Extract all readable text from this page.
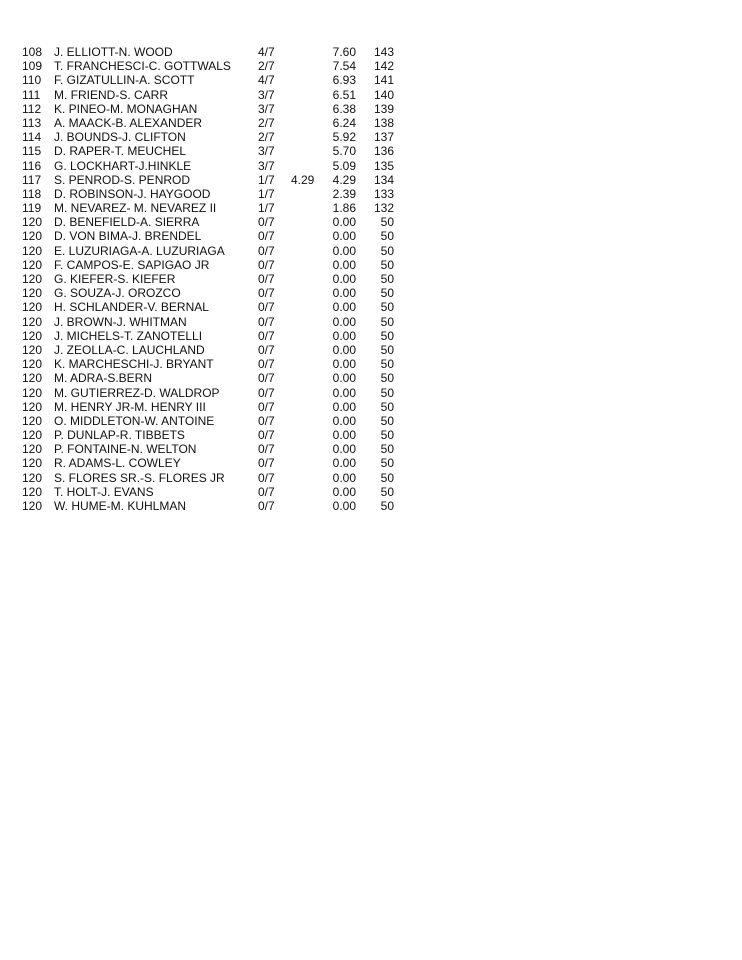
108 J. ELLIOTT-N. WOOD	4/7	7.60	143
109 T. FRANCHESCI-C. GOTTWALS 2/7	7.54	142
110 F. GIZATULLIN-A. SCOTT	4/7	6.93	141
111 M. FRIEND-S. CARR	3/7	6.51	140
112 K. PINEO-M. MONAGHAN	3/7	6.38	139
113 A. MAACK-B. ALEXANDER	2/7	6.24	138
114 J. BOUNDS-J. CLIFTON	2/7	5.92	137
115 D. RAPER-T. MEUCHEL	3/7	5.70	136
116 G. LOCKHART-J.HINKLE	3/7	5.09	135
117 S. PENROD-S. PENROD	1/7 4.29	4.29	134
118 D. ROBINSON-J. HAYGOOD	1/7	2.39	133
119 M. NEVAREZ- M. NEVAREZ II	1/7	1.86	132
120 D. BENEFIELD-A. SIERRA	0/7	0.00	50
120 D. VON BIMA-J. BRENDEL	0/7	0.00	50
120 E. LUZURIAGA-A. LUZURIAGA	0/7	0.00	50
120 F. CAMPOS-E. SAPIGAO JR	0/7	0.00	50
120 G. KIEFER-S. KIEFER	0/7	0.00	50
120 G. SOUZA-J. OROZCO	0/7	0.00	50
120 H. SCHLANDER-V. BERNAL	0/7	0.00	50
120 J. BROWN-J. WHITMAN	0/7	0.00	50
120 J. MICHELS-T. ZANOTELLI	0/7	0.00	50
120 J. ZEOLLA-C. LAUCHLAND	0/7	0.00	50
120 K. MARCHESCHI-J. BRYANT	0/7	0.00	50
120 M. ADRA-S.BERN	0/7	0.00	50
120 M. GUTIERREZ-D. WALDROP	0/7	0.00	50
120 M. HENRY JR-M. HENRY III	0/7	0.00	50
120 O. MIDDLETON-W. ANTOINE	0/7	0.00	50
120 P. DUNLAP-R. TIBBETS	0/7	0.00	50
120 P. FONTAINE-N. WELTON	0/7	0.00	50
120 R. ADAMS-L. COWLEY	0/7	0.00	50
120 S. FLORES SR.-S. FLORES JR	0/7	0.00	50
120 T. HOLT-J. EVANS	0/7	0.00	50
120 W. HUME-M. KUHLMAN	0/7	0.00	50
